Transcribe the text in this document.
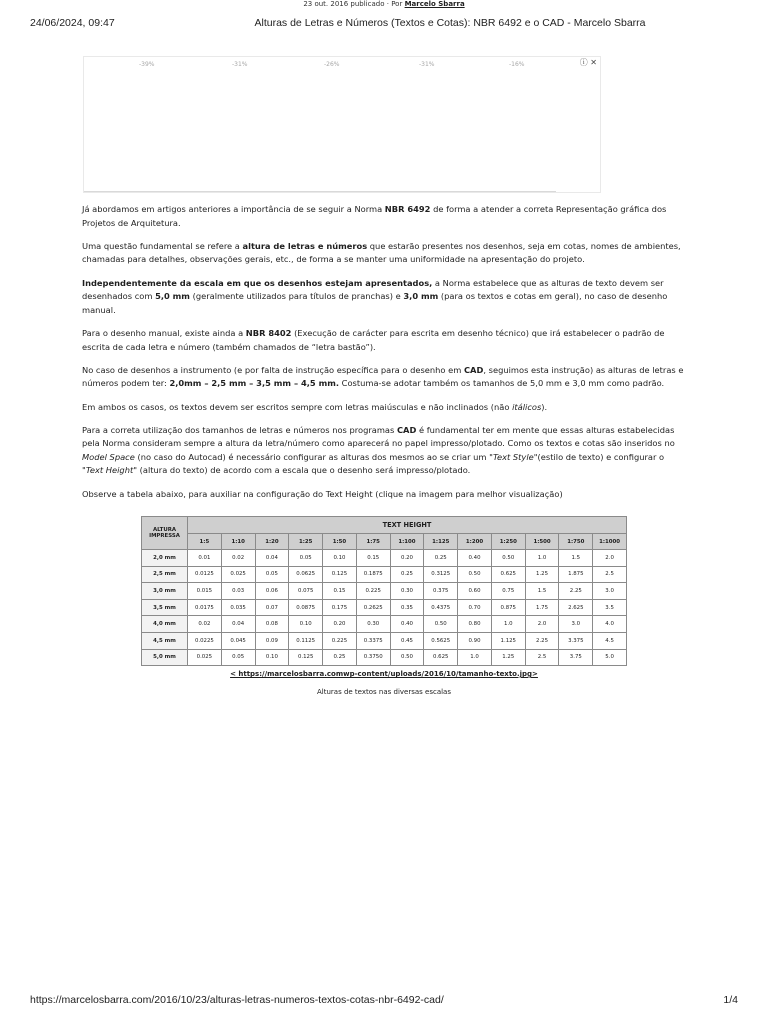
23 out. 2016 publicado · Por Marcelo Sbarra
24/06/2024, 09:47	Alturas de Letras e Números (Textos e Cotas): NBR 6492 e o CAD - Marcelo Sbarra
-39%	-31%	-26%	-31%	-16%	ⓘ ✕

Já abordamos em artigos anteriores a importância de se seguir a Norma NBR 6492 de forma a atender a correta Representação gráfica dos Projetos de Arquitetura.

Uma questão fundamental se refere a altura de letras e números que estarão presentes nos desenhos, seja em cotas, nomes de ambientes, chamadas para detalhes, observações gerais, etc., de forma a se manter uma uniformidade na apresentação do projeto.

Independentemente da escala em que os desenhos estejam apresentados, a Norma estabelece que as alturas de texto devem ser desenhados com 5,0 mm (geralmente utilizados para títulos de pranchas) e 3,0 mm (para os textos e cotas em geral), no caso de desenho manual.

Para o desenho manual, existe ainda a NBR 8402 (Execução de carácter para escrita em desenho técnico) que irá estabelecer o padrão de escrita de cada letra e número (também chamados de “letra bastão”).

No caso de desenhos a instrumento (e por falta de instrução específica para o desenho em CAD, seguimos esta instrução) as alturas de letras e números podem ter: 2,0mm – 2,5 mm – 3,5 mm – 4,5 mm. Costuma-se adotar também os tamanhos de 5,0 mm e 3,0 mm como padrão.

Em ambos os casos, os textos devem ser escritos sempre com letras maiúsculas e não inclinados (não itálicos).

Para a correta utilização dos tamanhos de letras e números nos programas CAD é fundamental ter em mente que essas alturas estabelecidas pela Norma consideram sempre a altura da letra/número como aparecerá no papel impresso/plotado. Como os textos e cotas são inseridos no Model Space (no caso do Autocad) é necessário configurar as alturas dos mesmos ao se criar um "Text Style"(estilo de texto) e configurar o "Text Height" (altura do texto) de acordo com a escala que o desenho será impresso/plotado.

Observe a tabela abaixo, para auxiliar na configuração do Text Height (clique na imagem para melhor visualização)

ALTURA
IMPRESSA	TEXT HEIGHT												
	1:5	1:10	1:20	1:25	1:50	1:75	1:100	1:125	1:200	1:250	1:500	1:750	1:1000
2,0 mm	0.01	0.02	0.04	0.05	0.10	0.15	0.20	0.25	0.40	0.50	1.0	1.5	2.0
2,5 mm	0.0125	0.025	0.05	0.0625	0.125	0.1875	0.25	0.3125	0.50	0.625	1.25	1.875	2.5
3,0 mm	0.015	0.03	0.06	0.075	0.15	0.225	0.30	0.375	0.60	0.75	1.5	2.25	3.0
3,5 mm	0.0175	0.035	0.07	0.0875	0.175	0.2625	0.35	0.4375	0.70	0.875	1.75	2.625	3.5
4,0 mm	0.02	0.04	0.08	0.10	0.20	0.30	0.40	0.50	0.80	1.0	2.0	3.0	4.0
4,5 mm	0.0225	0.045	0.09	0.1125	0.225	0.3375	0.45	0.5625	0.90	1.125	2.25	3.375	4.5
5,0 mm	0.025	0.05	0.10	0.125	0.25	0.3750	0.50	0.625	1.0	1.25	2.5	3.75	5.0
< https://marcelosbarra.comwp-content/uploads/2016/10/tamanho-texto.jpg>
Alturas de textos nas diversas escalas
https://marcelosbarra.com/2016/10/23/alturas-letras-numeros-textos-cotas-nbr-6492-cad/	1/4
